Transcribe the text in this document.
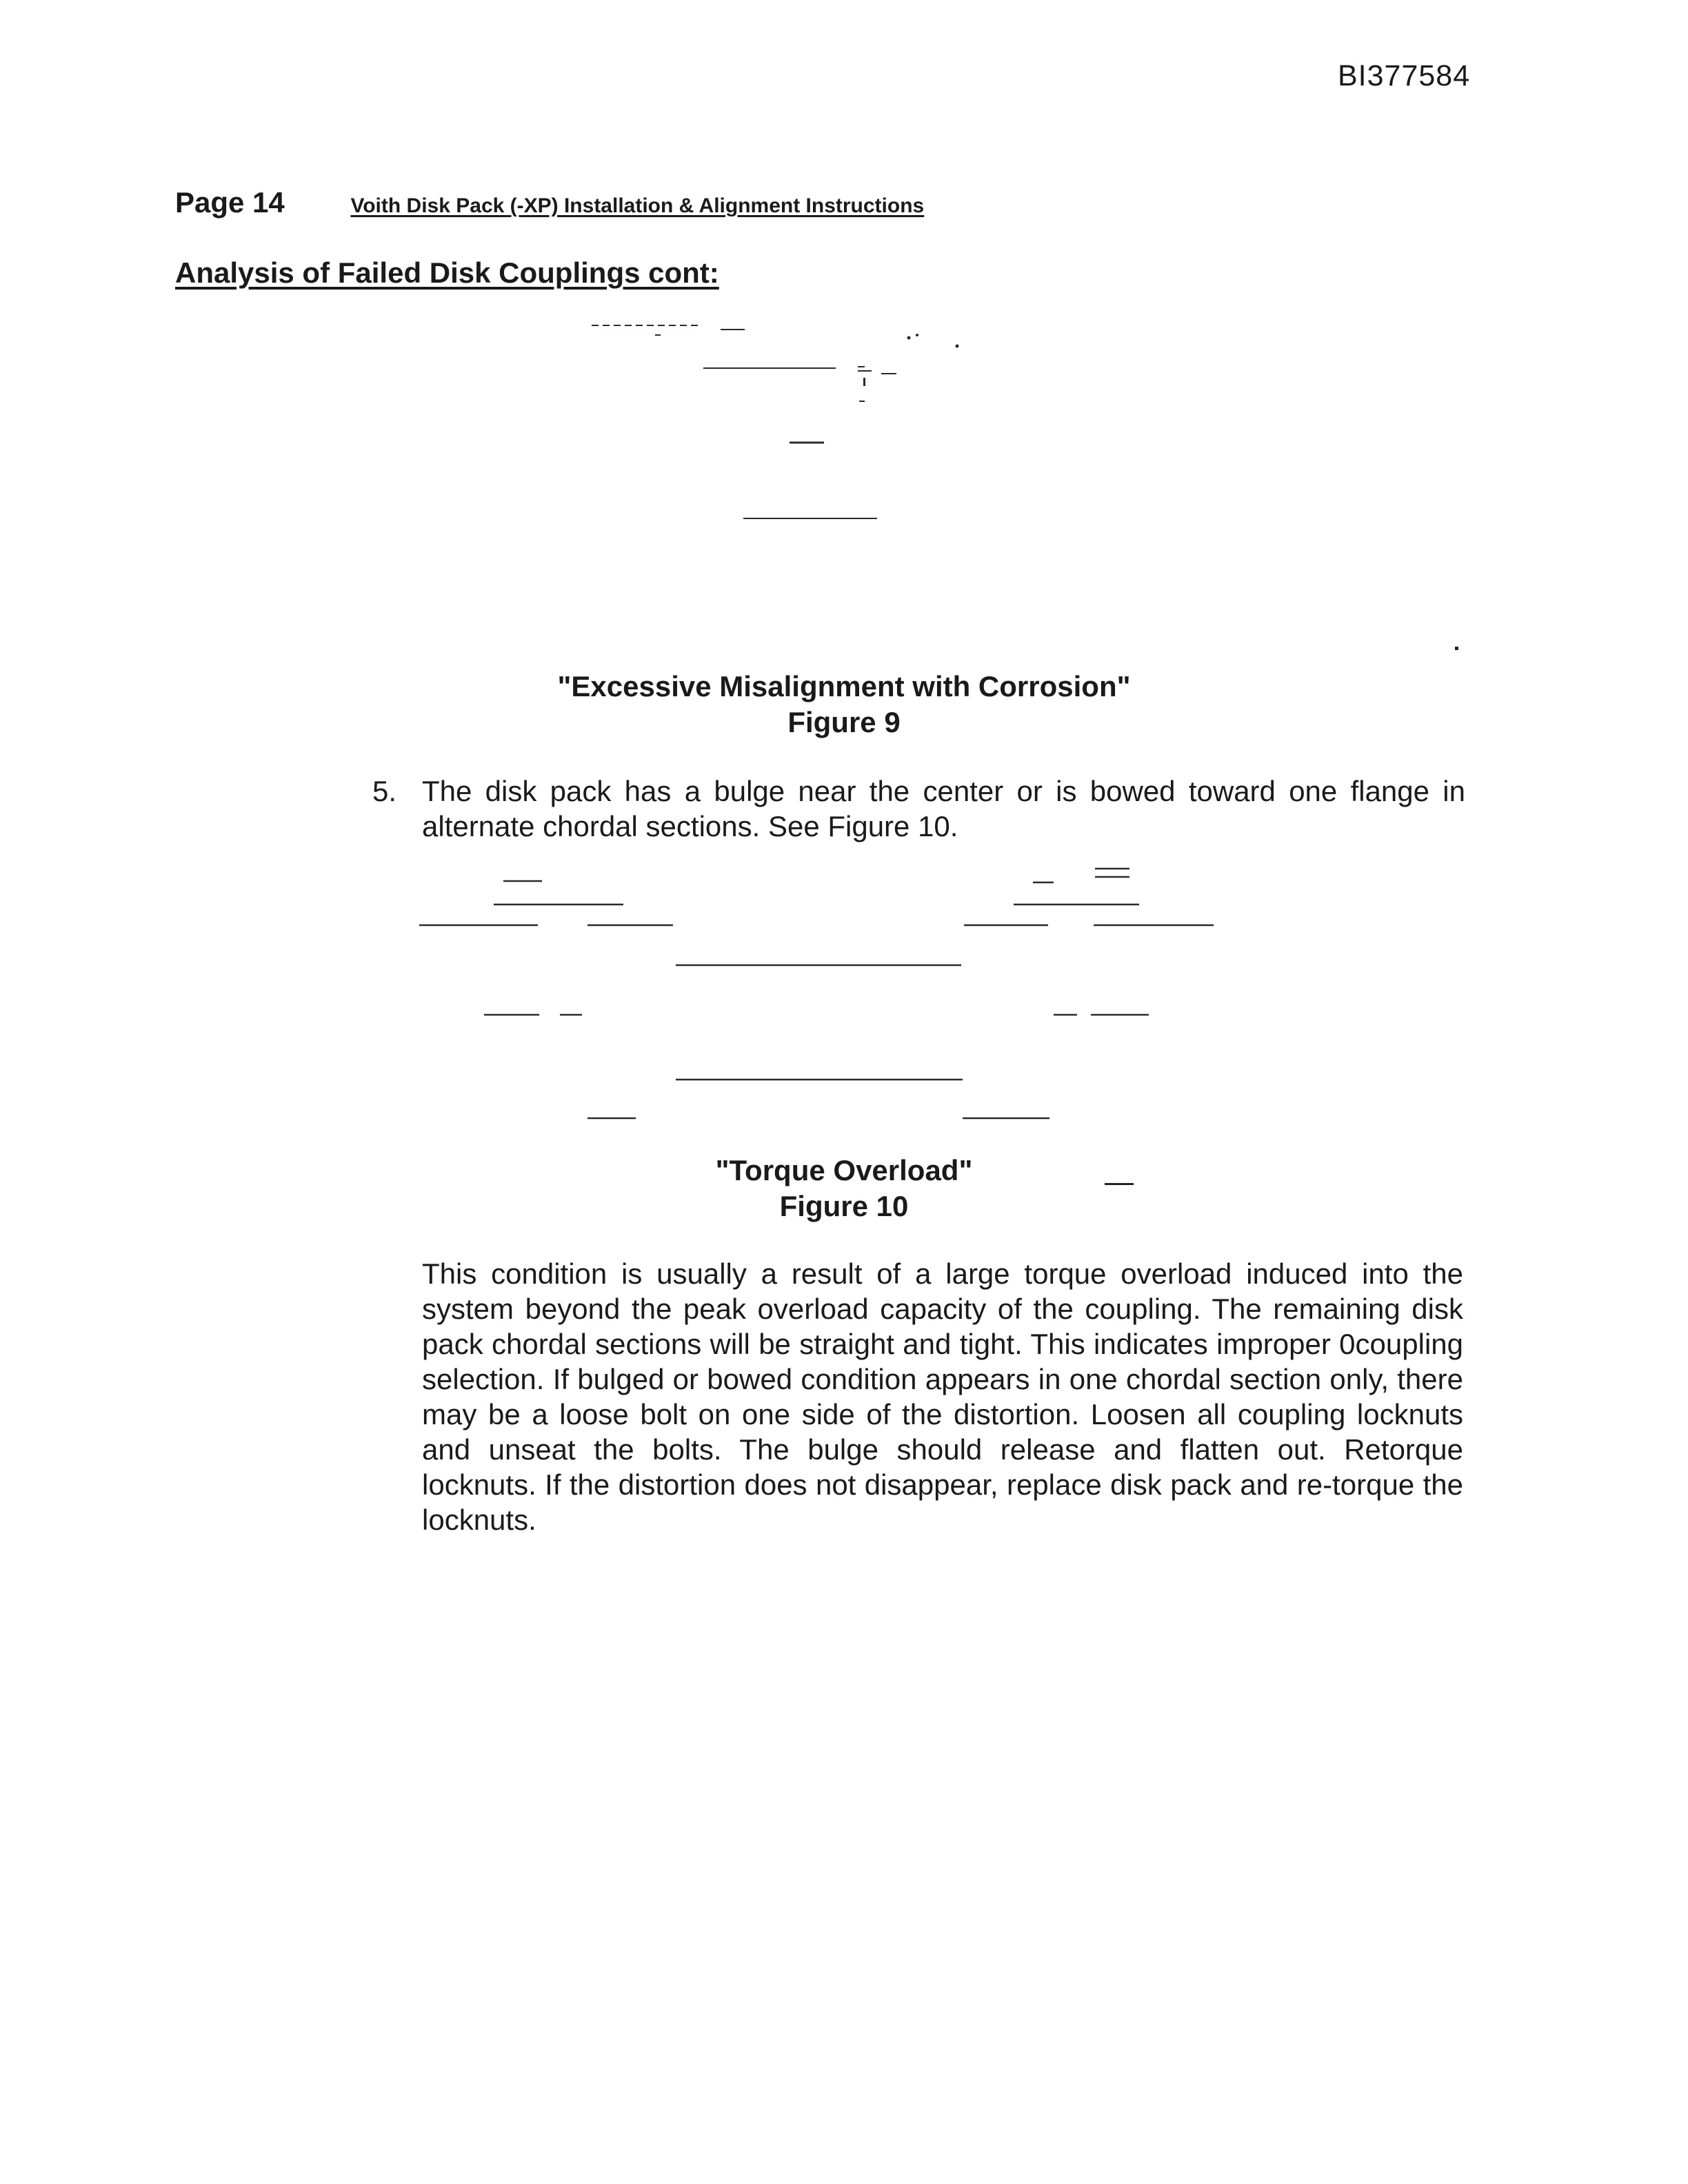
BI377584
Page 14	Voith Disk Pack (-XP) Installation & Alignment Instructions
Analysis of Failed Disk Couplings cont:
"Excessive Misalignment with Corrosion"
Figure 9
5. The disk pack has a bulge near the center or is bowed toward one flange in alternate chordal sections. See Figure 10.
"Torque Overload"
Figure 10
This condition is usually a result of a large torque overload induced into the system beyond the peak overload capacity of the coupling. The remaining disk pack chordal sections will be straight and tight. This indicates improper 0coupling selection. If bulged or bowed condition appears in one chordal section only, there may be a loose bolt on one side of the distortion. Loosen all coupling locknuts and unseat the bolts. The bulge should release and flatten out. Retorque locknuts. If the distortion does not disappear, replace disk pack and re-torque the locknuts.
